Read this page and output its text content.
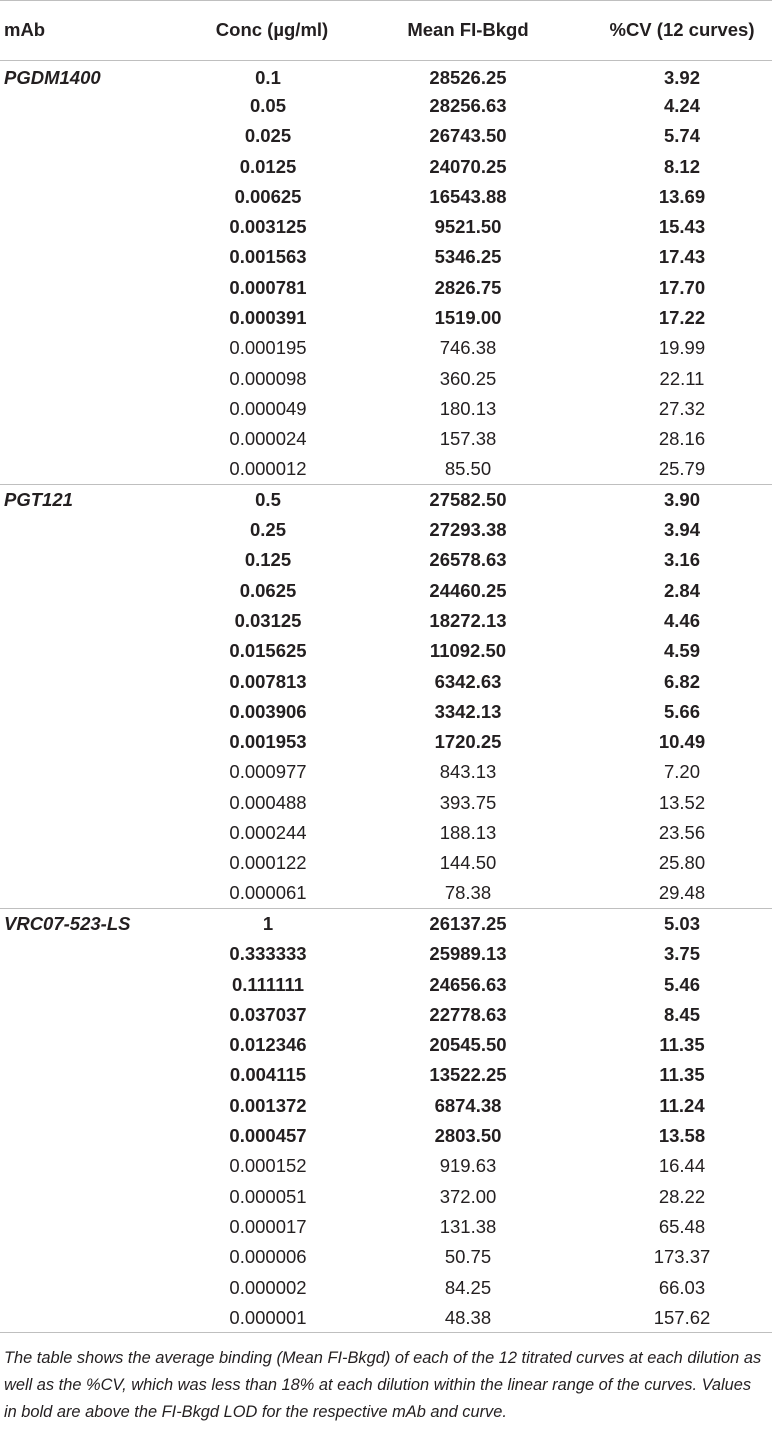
mAb	Conc (µg/ml)	Mean FI-Bkgd	%CV (12 curves)
PGDM1400	0.1	28526.25	3.92
	0.05	28256.63	4.24
	0.025	26743.50	5.74
	0.0125	24070.25	8.12
	0.00625	16543.88	13.69
	0.003125	9521.50	15.43
	0.001563	5346.25	17.43
	0.000781	2826.75	17.70
	0.000391	1519.00	17.22
	0.000195	746.38	19.99
	0.000098	360.25	22.11
	0.000049	180.13	27.32
	0.000024	157.38	28.16
	0.000012	85.50	25.79
PGT121	0.5	27582.50	3.90
	0.25	27293.38	3.94
	0.125	26578.63	3.16
	0.0625	24460.25	2.84
	0.03125	18272.13	4.46
	0.015625	11092.50	4.59
	0.007813	6342.63	6.82
	0.003906	3342.13	5.66
	0.001953	1720.25	10.49
	0.000977	843.13	7.20
	0.000488	393.75	13.52
	0.000244	188.13	23.56
	0.000122	144.50	25.80
	0.000061	78.38	29.48
VRC07-523-LS	1	26137.25	5.03
	0.333333	25989.13	3.75
	0.111111	24656.63	5.46
	0.037037	22778.63	8.45
	0.012346	20545.50	11.35
	0.004115	13522.25	11.35
	0.001372	6874.38	11.24
	0.000457	2803.50	13.58
	0.000152	919.63	16.44
	0.000051	372.00	28.22
	0.000017	131.38	65.48
	0.000006	50.75	173.37
	0.000002	84.25	66.03
	0.000001	48.38	157.62

The table shows the average binding (Mean FI-Bkgd) of each of the 12 titrated curves at each dilution as well as the %CV, which was less than 18% at each dilution within the linear range of the curves. Values in bold are above the FI-Bkgd LOD for the respective mAb and curve.
